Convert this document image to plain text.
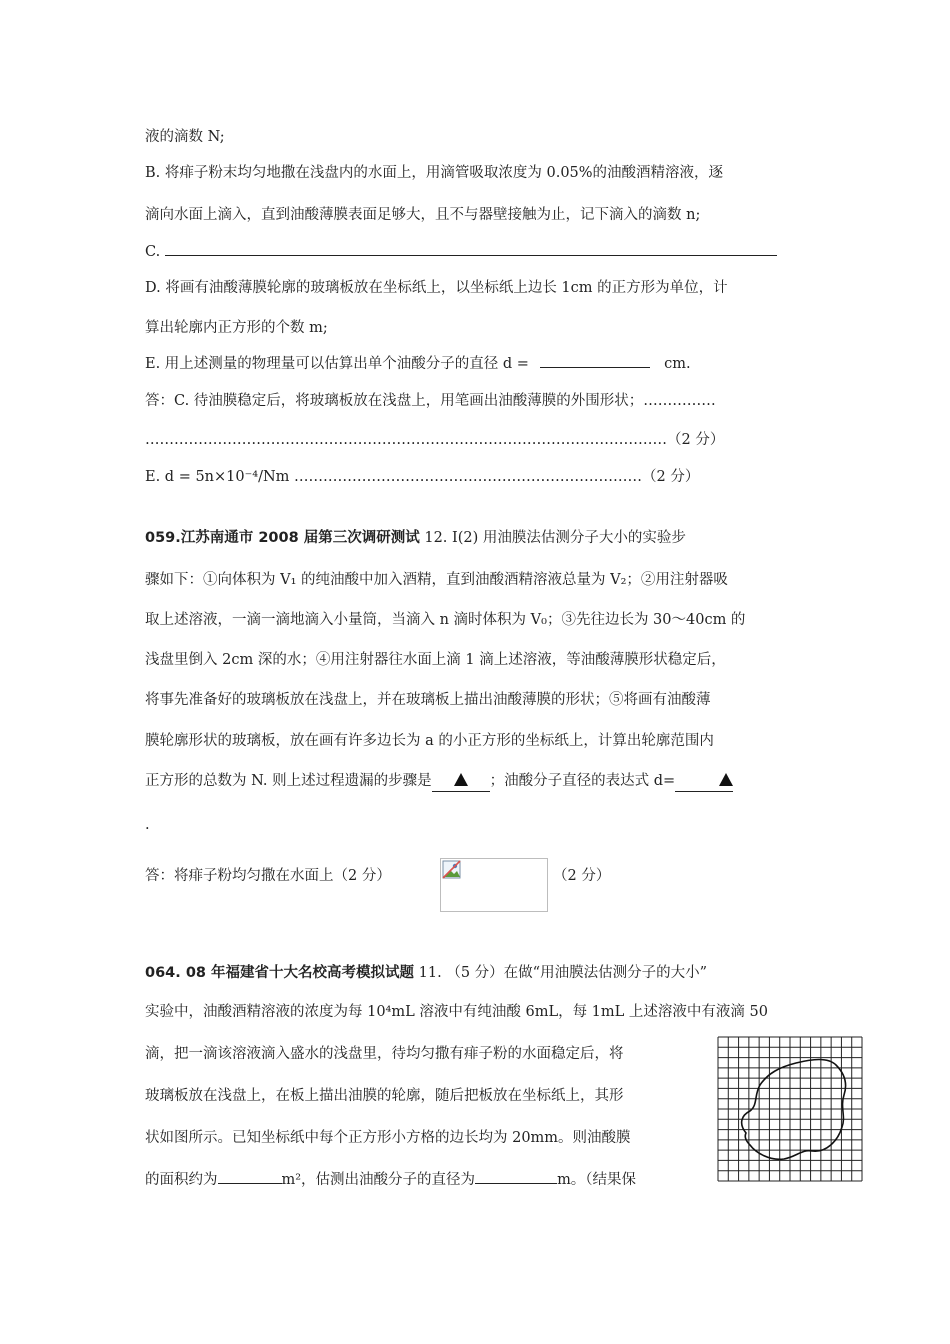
液的滴数 N;
B. 将痱子粉末均匀地撒在浅盘内的水面上，用滴管吸取浓度为 0.05%的油酸酒精溶液，逐
滴向水面上滴入，直到油酸薄膜表面足够大，且不与器壁接触为止，记下滴入的滴数 n;
C.
D. 将画有油酸薄膜轮廓的玻璃板放在坐标纸上，以坐标纸上边长 1cm 的正方形为单位，计
算出轮廓内正方形的个数 m;
E. 用上述测量的物理量可以估算出单个油酸分子的直径 d =	cm.
答：C. 待油膜稳定后，将玻璃板放在浅盘上，用笔画出油酸薄膜的外围形状；……………
………………………………………………………………………………………………（2 分）
E. d = 5n×10⁻⁴/Nm ………………………………………………………………（2 分）
059.江苏南通市 2008 届第三次调研测试 12. Ⅰ(2) 用油膜法估测分子大小的实验步
骤如下：①向体积为 V₁ 的纯油酸中加入酒精，直到油酸酒精溶液总量为 V₂；②用注射器吸
取上述溶液，一滴一滴地滴入小量筒，当滴入 n 滴时体积为 V₀；③先往边长为 30～40cm 的
浅盘里倒入 2cm 深的水；④用注射器往水面上滴 1 滴上述溶液，等油酸薄膜形状稳定后，
将事先准备好的玻璃板放在浅盘上，并在玻璃板上描出油酸薄膜的形状；⑤将画有油酸薄
膜轮廓形状的玻璃板，放在画有许多边长为 a 的小正方形的坐标纸上，计算出轮廓范围内
正方形的总数为 N. 则上述过程遗漏的步骤是	；油酸分子直径的表达式 d=
.
答：将痱子粉均匀撒在水面上（2 分）	（2 分）
064. 08 年福建省十大名校高考模拟试题 11. （5 分）在做“用油膜法估测分子的大小”
实验中，油酸酒精溶液的浓度为每 10⁴mL 溶液中有纯油酸 6mL，每 1mL 上述溶液中有液滴 50
滴，把一滴该溶液滴入盛水的浅盘里，待均匀撒有痱子粉的水面稳定后，将
玻璃板放在浅盘上，在板上描出油膜的轮廓，随后把板放在坐标纸上，其形
状如图所示。已知坐标纸中每个正方形小方格的边长均为 20mm。则油酸膜
的面积约为	m²，估测出油酸分子的直径为	m。（结果保
